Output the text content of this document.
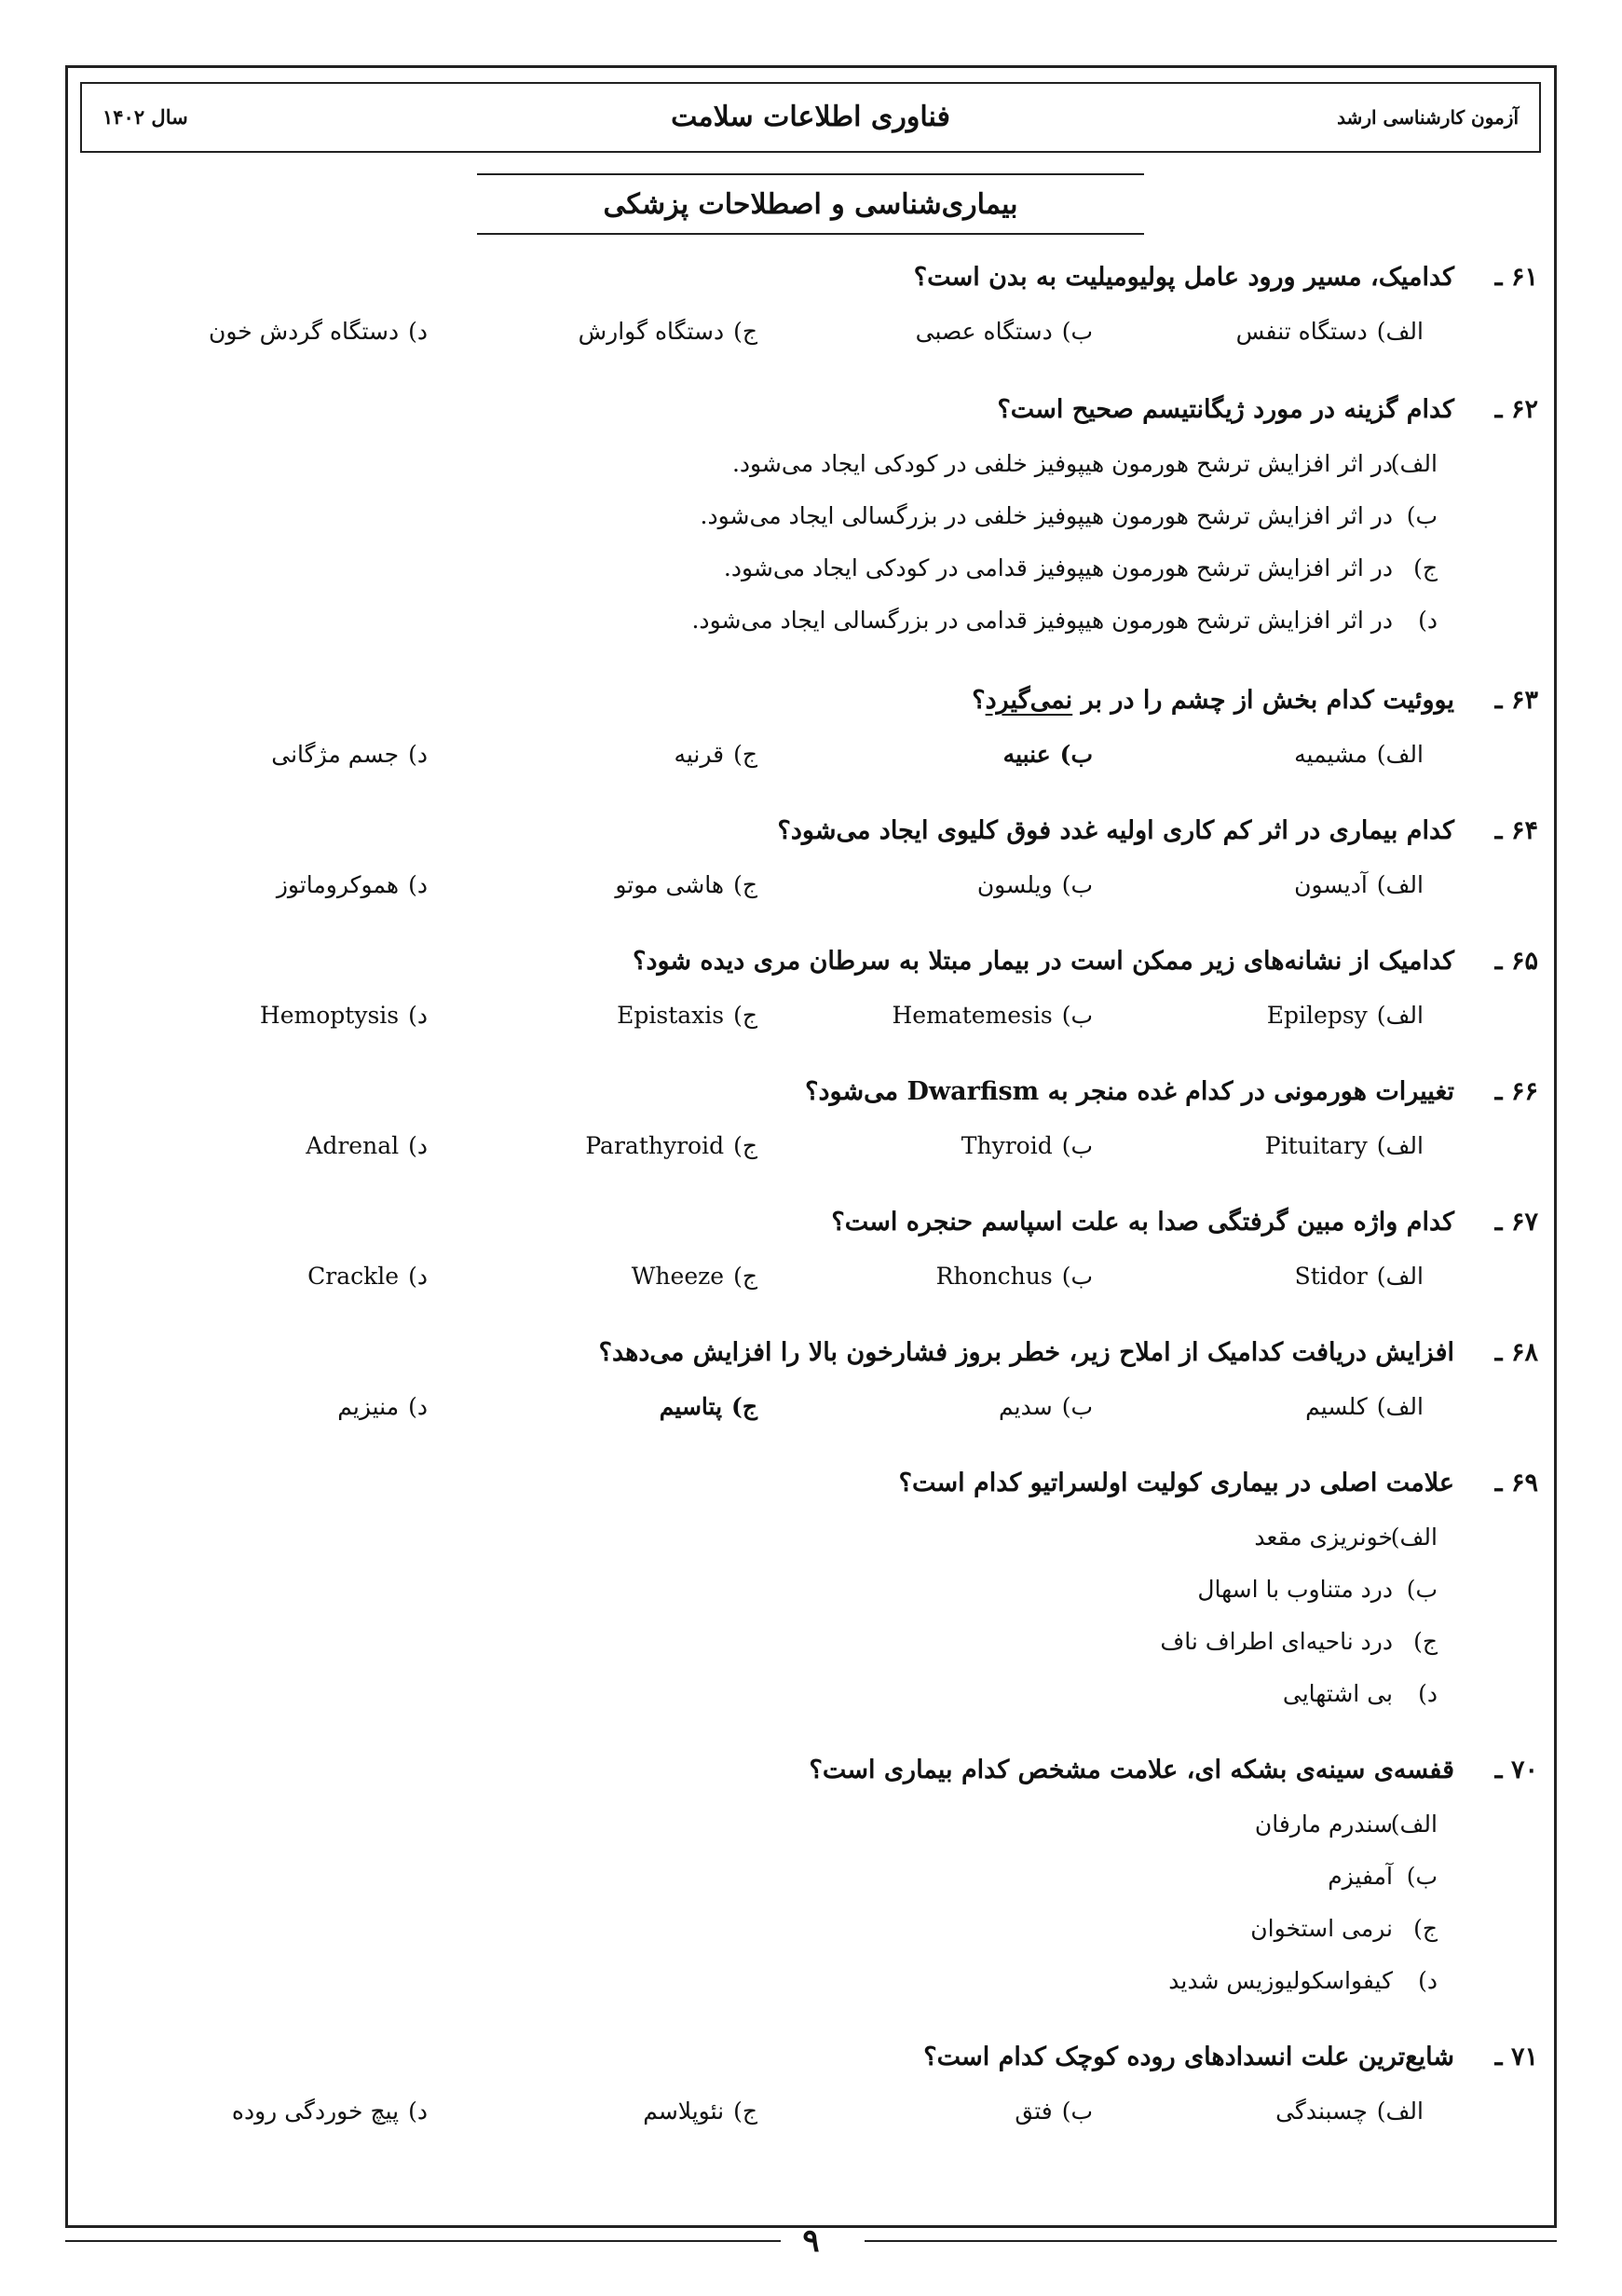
آزمون کارشناسی ارشد
فناوری اطلاعات سلامت
سال ۱۴۰۲
بیماری‌شناسی و اصطلاحات پزشکی
۶۱ ـ
کدامیک، مسیر ورود عامل پولیومیلیت به بدن است؟
الف)دستگاه تنفس
ب)دستگاه عصبی
ج)دستگاه گوارش
د)دستگاه گردش خون
۶۲ ـ
کدام گزینه در مورد ژیگانتیسم صحیح است؟
الف)در اثر افزایش ترشح هورمون هیپوفیز خلفی در کودکی ایجاد می‌شود.
ب)در اثر افزایش ترشح هورمون هیپوفیز خلفی در بزرگسالی ایجاد می‌شود.
ج)در اثر افزایش ترشح هورمون هیپوفیز قدامی در کودکی ایجاد می‌شود.
د)در اثر افزایش ترشح هورمون هیپوفیز قدامی در بزرگسالی ایجاد می‌شود.
۶۳ ـ
یووئیت کدام بخش از چشم را در بر نمی‌گیرد؟
الف)مشیمیه
ب)عنبیه
ج)قرنیه
د)جسم مژگانی
۶۴ ـ
کدام بیماری در اثر کم کاری اولیه غدد فوق کلیوی ایجاد می‌شود؟
الف)آدیسون
ب)ویلسون
ج)هاشی موتو
د)هموکروماتوز
۶۵ ـ
کدامیک از نشانه‌های زیر ممکن است در بیمار مبتلا به سرطان مری دیده شود؟
الف)Epilepsy
ب)Hematemesis
ج)Epistaxis
د)Hemoptysis
۶۶ ـ
تغییرات هورمونی در کدام غده منجر به Dwarfism می‌شود؟
الف)Pituitary
ب)Thyroid
ج)Parathyroid
د)Adrenal
۶۷ ـ
کدام واژه مبین گرفتگی صدا به علت اسپاسم حنجره است؟
الف)Stidor
ب)Rhonchus
ج)Wheeze
د)Crackle
۶۸ ـ
افزایش دریافت کدامیک از املاح زیر، خطر بروز فشارخون بالا را افزایش می‌دهد؟
الف)کلسیم
ب)سدیم
ج)پتاسیم
د)منیزیم
۶۹ ـ
علامت اصلی در بیماری کولیت اولسراتیو کدام است؟
الف)خونریزی مقعد
ب)درد متناوب با اسهال
ج)درد ناحیه‌ای اطراف ناف
د)بی اشتهایی
۷۰ ـ
قفسه‌ی سینه‌ی بشکه ای، علامت مشخص کدام بیماری است؟
الف)سندرم مارفان
ب)آمفیزم
ج)نرمی استخوان
د)کیفواسکولیوزیس شدید
۷۱ ـ
شایع‌ترین علت انسدادهای روده کوچک کدام است؟
الف)چسبندگی
ب)فتق
ج)نئوپلاسم
د)پیچ خوردگی روده
۹
